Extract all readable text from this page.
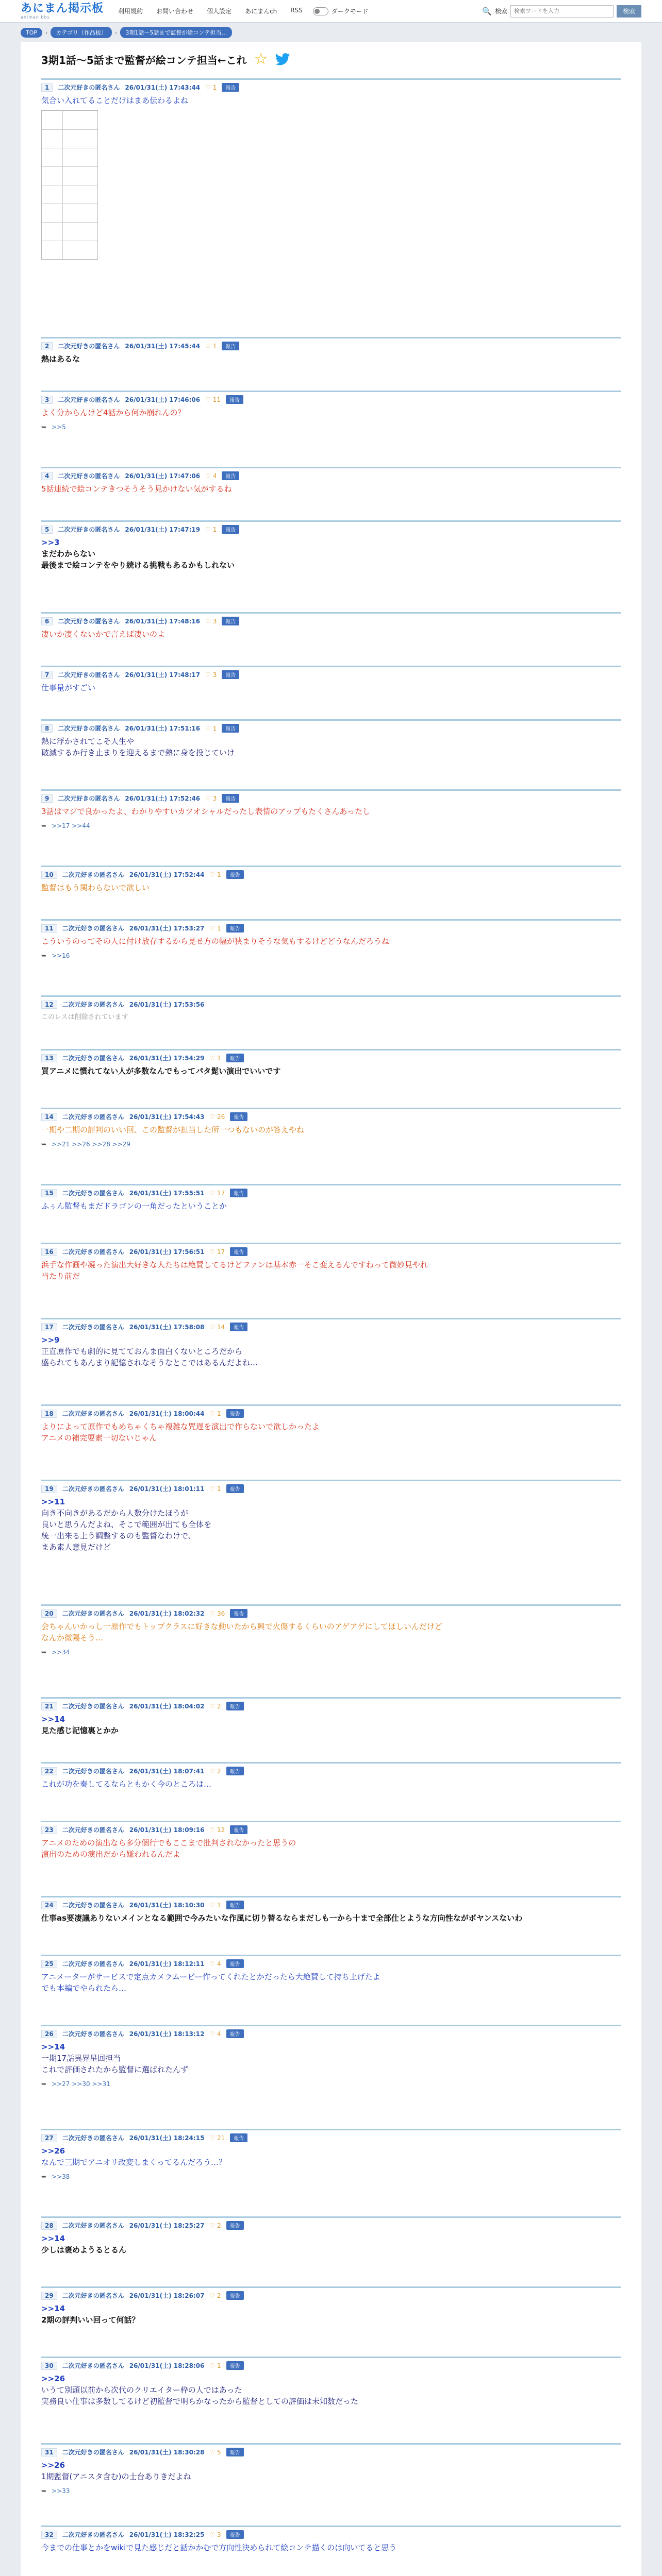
あにまん掲示板
animan bbs
利用規約 お問い合わせ 個人設定 あにまんch RSS	ダークモード	🔍 検索
検索ワードを入力	検索
TOP	›	カテゴリ（作品板）	›	3期1話〜5話まで監督が絵コンテ担当…
3期1話〜5話まで監督が絵コンテ担当←これ ☆
1	二次元好きの匿名さん 26/01/31(土) 17:43:44 ♡ 1	報告
気合い入れてることだけはまあ伝わるよね
2	二次元好きの匿名さん 26/01/31(土) 17:45:44 ♡ 1	報告
熱はあるな
3	二次元好きの匿名さん 26/01/31(土) 17:46:06 ♡ 11	報告
よく分からんけど4話から何か崩れんの？
➥ >>5
4	二次元好きの匿名さん 26/01/31(土) 17:47:06 ♡ 4	報告
5話連続で絵コンテきつそうそう見かけない気がするね
5	二次元好きの匿名さん 26/01/31(土) 17:47:19 ♡ 1	報告
>>3
まだわからない
最後まで絵コンテをやり続ける挑戦もあるかもしれない
6	二次元好きの匿名さん 26/01/31(土) 17:48:16 ♡ 3	報告
凄いか凄くないかで言えば凄いのよ
7	二次元好きの匿名さん 26/01/31(土) 17:48:17 ♡ 3	報告
仕事量がすごい
8	二次元好きの匿名さん 26/01/31(土) 17:51:16 ♡ 1	報告
熱に浮かされてこそ人生や
破滅するか行き止まりを迎えるまで熱に身を投じていけ
9	二次元好きの匿名さん 26/01/31(土) 17:52:46 ♡ 3	報告
3話はマジで良かったよ、わかりやすいカツオシャルだったし表情のアップもたくさんあったし
➥ >>17 >>44
10	二次元好きの匿名さん 26/01/31(土) 17:52:44 ♡ 1	報告
監督はもう関わらないで欲しい
11	二次元好きの匿名さん 26/01/31(土) 17:53:27 ♡ 1	報告
こういうのってその人に付け放存するから見せ方の幅が狭まりそうな気もするけどどうなんだろうね
➥ >>16
12	二次元好きの匿名さん 26/01/31(土) 17:53:56
このレスは削除されています
13	二次元好きの匿名さん 26/01/31(土) 17:54:29 ♡ 1	報告
買アニメに慣れてない人が多数なんでもってパタ髭い演出でいいです
14	二次元好きの匿名さん 26/01/31(土) 17:54:43 ♡ 26	報告
一期や二期の評判のいい回、この監督が担当した所一つもないのが答えやね
➥ >>21 >>26 >>28 >>29
15	二次元好きの匿名さん 26/01/31(土) 17:55:51 ♡ 17	報告
ふぅん監督もまだドラゴンの一角だったということか
16	二次元好きの匿名さん 26/01/31(土) 17:56:51 ♡ 17	報告
浜手な作画や凝った演出大好きな人たちは絶賛してるけどファンは基本赤一そこ変えるんですねって微妙見やれ
当たり前だ
17	二次元好きの匿名さん 26/01/31(土) 17:58:08 ♡ 14	報告
>>9
正直原作でも劇的に見てておんま面白くないところだから
盛られてもあんまり記憶されなそうなとこではあるんだよね…
18	二次元好きの匿名さん 26/01/31(土) 18:00:44 ♡ 1	報告
よりによって原作でもめちゃくちゃ複雑な咒遅を演出で作らないで欲しかったよ
アニメの補完要素一切ないじゃん
19	二次元好きの匿名さん 26/01/31(土) 18:01:11 ♡ 1	報告
>>11
向き不向きがあるだから人数分けたほうが
良いと思うんだよね、そこで範囲が出ても全体を
統一出来る上う調整するのも監督なわけで、
まあ素人意見だけど
20	二次元好きの匿名さん 26/01/31(土) 18:02:32 ♡ 36	報告
会ちゃんいかっし一原作でもトップクラスに好きな動いたから興で火傷するくらいのアゲアゲにしてほしいんだけど
なんか微陽そう…
➥ >>34
21	二次元好きの匿名さん 26/01/31(土) 18:04:02 ♡ 2	報告
>>14
見た感じ記憶裏とかか
22	二次元好きの匿名さん 26/01/31(土) 18:07:41 ♡ 2	報告
これが功を奏してるならともかく今のところは…
23	二次元好きの匿名さん 26/01/31(土) 18:09:16 ♡ 12	報告
アニメのための演出なら多分個行でもここまで批判されなかったと思うの
演出のための演出だから嫌われるんだよ
24	二次元好きの匿名さん 26/01/31(土) 18:10:30 ♡ 1	報告
仕事as要凄議ありないメインとなる範囲で今みたいな作風に切り替るならまだしも一から十まで全部仕とような方向性ながボヤンスないわ
25	二次元好きの匿名さん 26/01/31(土) 18:12:11 ♡ 4	報告
アニメーターがサービスで定点カメラムービー作ってくれたとかだったら大絶賛して持ち上げたよ
でも本編でやられたら…
26	二次元好きの匿名さん 26/01/31(土) 18:13:12 ♡ 4	報告
>>14
一期17話異界星回担当
これで評価されたから監督に選ばれたんず
➥ >>27 >>30 >>31
27	二次元好きの匿名さん 26/01/31(土) 18:24:15 ♡ 21	報告
>>26
なんで三期でアニオリ改変しまくってるんだろう…？
➥ >>38
28	二次元好きの匿名さん 26/01/31(土) 18:25:27 ♡ 2	報告
>>14
少しは褒めようるとるん
29	二次元好きの匿名さん 26/01/31(土) 18:26:07 ♡ 2	報告
>>14
2期の評判いい回って何話？
30	二次元好きの匿名さん 26/01/31(土) 18:28:06 ♡ 1	報告
>>26
いうて別頭以前から次代のクリエイター枠の人ではあった
実務良い仕事は多数してるけど初監督で明らかなったから監督としての評価は未知数だった
31	二次元好きの匿名さん 26/01/31(土) 18:30:28 ♡ 5	報告
>>26
1期監督(アニスタ含む)の士台ありきだよね
➥ >>33
32	二次元好きの匿名さん 26/01/31(土) 18:32:25 ♡ 3	報告
今までの仕事とかをwikiで見た感じだと話かかむで方向性決められて絵コンテ描くのは向いてると思う
